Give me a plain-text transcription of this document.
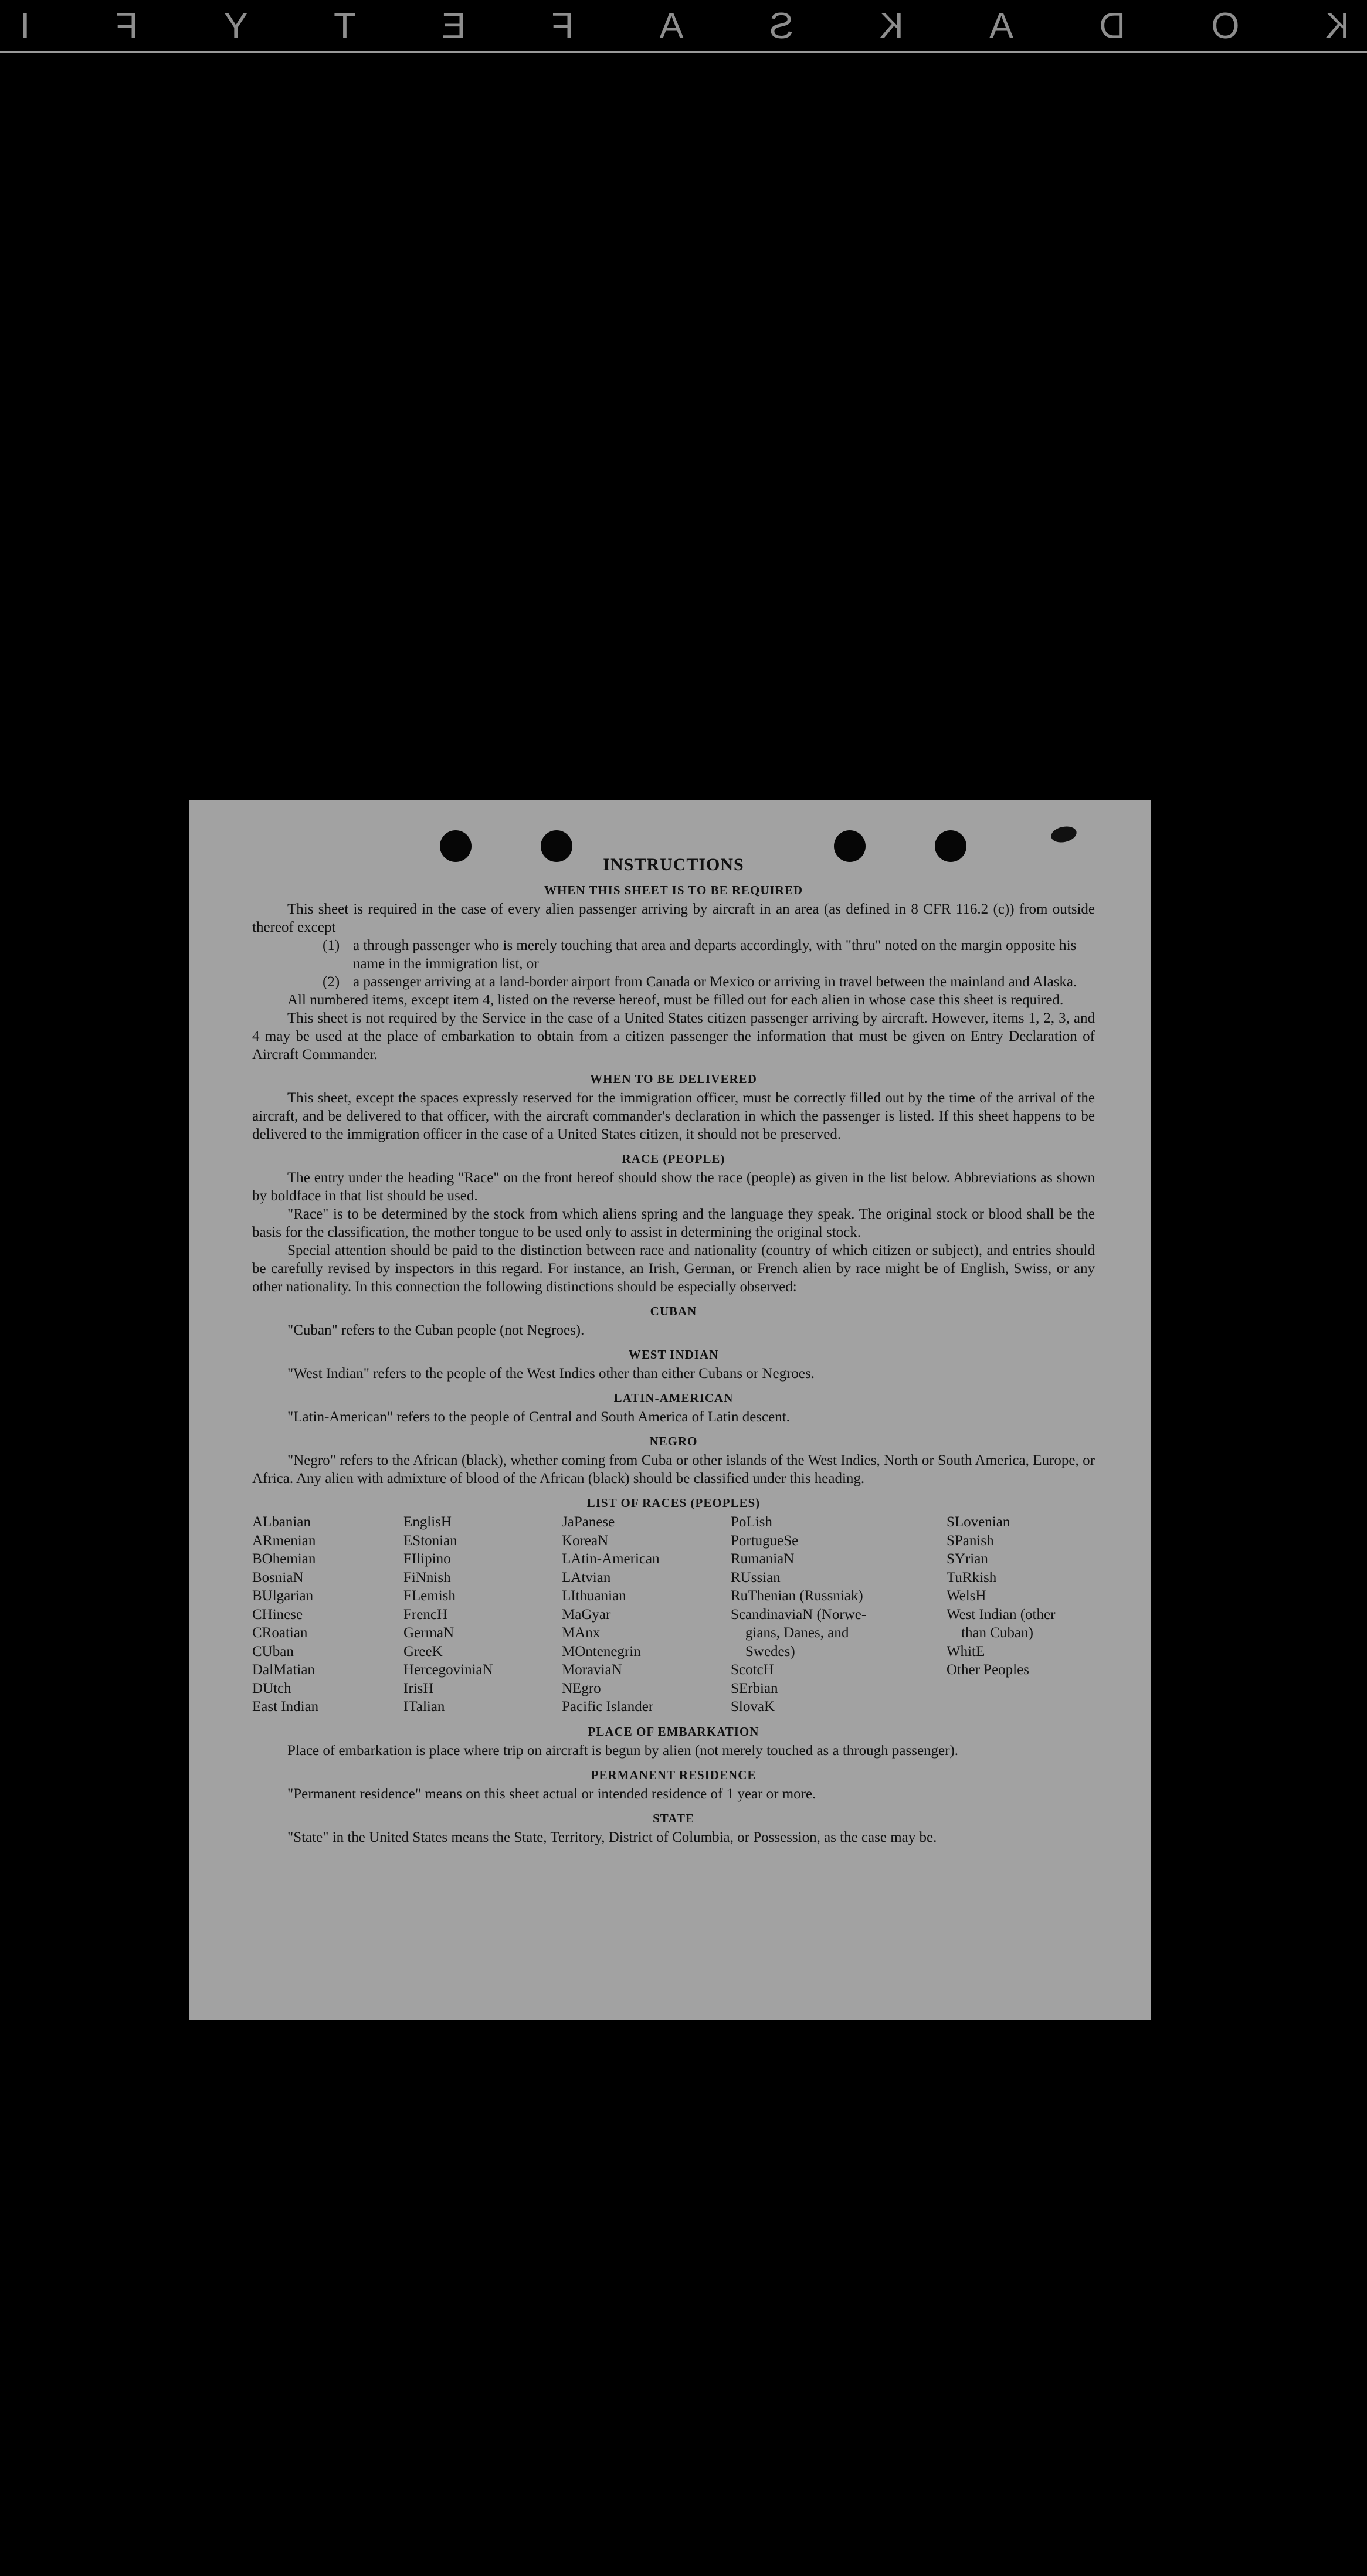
K
O
D
A
K
S
A
F
E
T
Y
F
I
INSTRUCTIONS
WHEN THIS SHEET IS TO BE REQUIRED

This sheet is required in the case of every alien passenger arriving by aircraft in an area (as defined in 8 CFR 116.2 (c)) from outside thereof except

(1) a through passenger who is merely touching that area and departs accordingly, with "thru" noted on the margin opposite his name in the immigration list, or
(2) a passenger arriving at a land-border airport from Canada or Mexico or arriving in travel between the mainland and Alaska.

All numbered items, except item 4, listed on the reverse hereof, must be filled out for each alien in whose case this sheet is required.

This sheet is not required by the Service in the case of a United States citizen passenger arriving by aircraft. However, items 1, 2, 3, and 4 may be used at the place of embarkation to obtain from a citizen passenger the information that must be given on Entry Declaration of Aircraft Commander.

WHEN TO BE DELIVERED

This sheet, except the spaces expressly reserved for the immigration officer, must be correctly filled out by the time of the arrival of the aircraft, and be delivered to that officer, with the aircraft commander's declaration in which the passenger is listed. If this sheet happens to be delivered to the immigration officer in the case of a United States citizen, it should not be preserved.

RACE (PEOPLE)

The entry under the heading "Race" on the front hereof should show the race (people) as given in the list below. Abbreviations as shown by boldface in that list should be used.

"Race" is to be determined by the stock from which aliens spring and the language they speak. The original stock or blood shall be the basis for the classification, the mother tongue to be used only to assist in determining the original stock.

Special attention should be paid to the distinction between race and nationality (country of which citizen or subject), and entries should be carefully revised by inspectors in this regard. For instance, an Irish, German, or French alien by race might be of English, Swiss, or any other nationality. In this connection the following distinctions should be especially observed:

CUBAN

"Cuban" refers to the Cuban people (not Negroes).

WEST INDIAN

"West Indian" refers to the people of the West Indies other than either Cubans or Negroes.

LATIN-AMERICAN

"Latin-American" refers to the people of Central and South America of Latin descent.

NEGRO

"Negro" refers to the African (black), whether coming from Cuba or other islands of the West Indies, North or South America, Europe, or Africa. Any alien with admixture of blood of the African (black) should be classified under this heading.

LIST OF RACES (PEOPLES)
ALbanian	EnglisH	JaPanese	PoLish	SLovenian
ARmenian	EStonian	KoreaN	PortugueSe	SPanish
BOhemian	FIlipino	LAtin-American	RumaniaN	SYrian
BosniaN	FiNnish	LAtvian	RUssian	TuRkish
BUlgarian	FLemish	LIthuanian	RuThenian (Russniak)	WelsH
CHinese	FrencH	MaGyar	ScandinaviaN (Norwe-	West Indian (other
CRoatian	GermaN	MAnx	gians, Danes, and	than Cuban)
CUban	GreeK	MOntenegrin	Swedes)	WhitE
DalMatian	HercegoviniaN	MoraviaN	ScotcH	Other Peoples
DUtch	IrisH	NEgro	SErbian
East Indian	ITalian	Pacific Islander	SlovaK
PLACE OF EMBARKATION

Place of embarkation is place where trip on aircraft is begun by alien (not merely touched as a through passenger).

PERMANENT RESIDENCE

"Permanent residence" means on this sheet actual or intended residence of 1 year or more.

STATE

"State" in the United States means the State, Territory, District of Columbia, or Possession, as the case may be.
